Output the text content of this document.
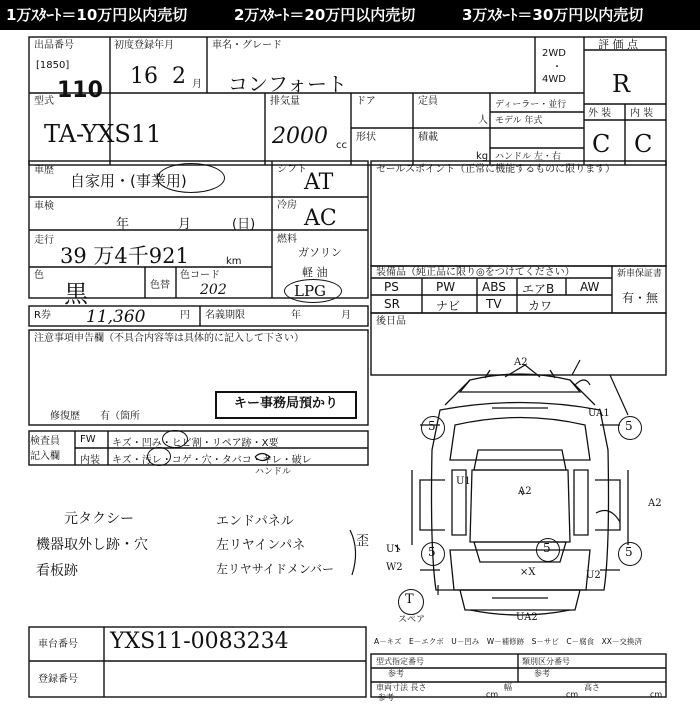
1万ｽﾀｰﾄ＝10万円以内売切	2万ｽﾀｰﾄ＝20万円以内売切	3万ｽﾀｰﾄ＝30万円以内売切
出品番号
[1850]
110
初度登録年月
16 2 月
車名・グレード
コンフォート
2WD
・
4WD
評 価 点
R
型式
TA-YXS11
排気量
2000 cc
ドア	定員
人
ディーラー・並行
モデル 年式
形状	積載
kg ハンドル 左・右
外 装 内 装
C C
車歴
自家用・(事業用)
車検
年	月	(日)
走行
39 万4千921	km
色
黒	色替
色コード
202
シフト
AT
冷房
AC
燃料
ガソリン
軽 油
LPG
R券 11,360	円 名義期限	年	月
セールスポイント（正常に機能するものに限ります）
装備品（純正品に限り◎をつけてください）	新車保証書
有・無
PS	PW ABS エアB AW
SR	ナビ TV カワ
後日品
注意事項申告欄（不具合内容等は具体的に記入して下さい）
修復歴　　有（箇所
キー事務局預かり
検査員
記入欄
FW キズ・凹み・ヒビ割・リペア跡・X要
内装 キズ・汚レ・コゲ・穴・タバコ・キレ・破レ
ハンドル
元タクシー
機器取外し跡・穴
看板跡
エンドパネル
左リヤインパネ
左リヤサイドメンバー
歪
A2
UA1
U1
A2
A2
×X	U2
W2
U1
UA2
5	5
5	5
5
T
スペア
車台番号 YXS11-0083234
登録番号
A－キズ　E－エクボ　U－凹み　W－補修跡　S－サビ　C－腐食　XX－交換済
型式指定番号
参考
類別区分番号
参考
車両寸法 長さ
参考	cm
幅
cm
高さ
cm
